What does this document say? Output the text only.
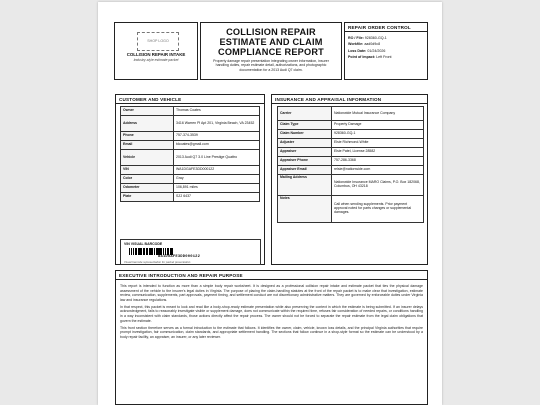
SHOP LOGO
COLLISION REPAIR INTAKE
Industry-style estimate packet
COLLISION REPAIR
ESTIMATE AND CLAIM
COMPLIANCE REPORT
Property damage repair presentation integrating owner information, insurer handling duties, repair estimate detail, authorizations, and photographic documentation for a 2013 Audi Q7 claim.
REPAIR ORDER CONTROL
RO / File: 928360-GQ-1
Workfile: aad0d9c8
Loss Date: 01/24/2026
Point of Impact: Left Front
CUSTOMER AND VEHICLE
Owner	Thomas Coates
Address	3416 Warren Pl Apt 201, Virginia Beach, VA 23452
Phone	757-374-3539
Email	tdcoates@gmail.com
Vehicle	2013 Audi Q7 3.0 Line Prestige Quattro
VIN	WA1DGAFE3DD000122
Color	Gray
Odometer	106,891 miles
Plate	SZJ 6437
VIN VISUAL BARCODE
WA1DGAFE3DD000122
Visual barcode representation for packet presentation.
INSURANCE AND APPRAISAL INFORMATION
Carrier	Nationwide Mutual Insurance Company
Claim Type	Property Damage
Claim Number	928360-GQ-1
Adjuster	Elsie Richmond-White
Appraiser	Elsie Patel, License 28582
Appraiser Phone	757-286-3368
Appraiser Email	relsie@nationwide.com
Mailing Address	Nationwide Insurance MARO Claims, P.O. Box 182068, Columbus, OH 43218
Notes	Call when sending supplements. Prior payment approval noted for parts changes or supplemental damages.
EXECUTIVE INTRODUCTION AND REPAIR PURPOSE

This report is intended to function as more than a simple body repair worksheet. It is designed as a professional collision repair intake and estimate packet that ties the physical damage assessment of the vehicle to the insurer's legal duties in Virginia. The purpose of placing the claim-handling statutes at the front of the repair packet is to make clear that investigation, estimate review, communication, supplements, part approvals, payment timing, and settlement conduct are not discretionary administrative matters. They are governed by enforceable duties under Virginia law and insurance regulations.

In that respect, this packet is meant to look and read like a body-shop-ready estimate presentation while also preserving the context in which the estimate is being submitted. If an insurer delays acknowledgment, fails to reasonably investigate visible or supplement damage, does not communicate within the required time, refuses fair consideration of needed repairs, or conditions handling in a way inconsistent with claim standards, those actions directly affect the repair process. The owner should not be forced to separate the repair estimate from the legal claim obligations that govern the estimate.

This front section therefore serves as a formal introduction to the estimate that follows. It identifies the owner, claim, vehicle, known loss details, and the principal Virginia authorities that require prompt investigation, fair communication, claim standards, and appropriate settlement handling. The sections that follow continue in a shop-style format so the estimate can be understood by a body repair facility, an appraiser, an insurer, or any later reviewer.
